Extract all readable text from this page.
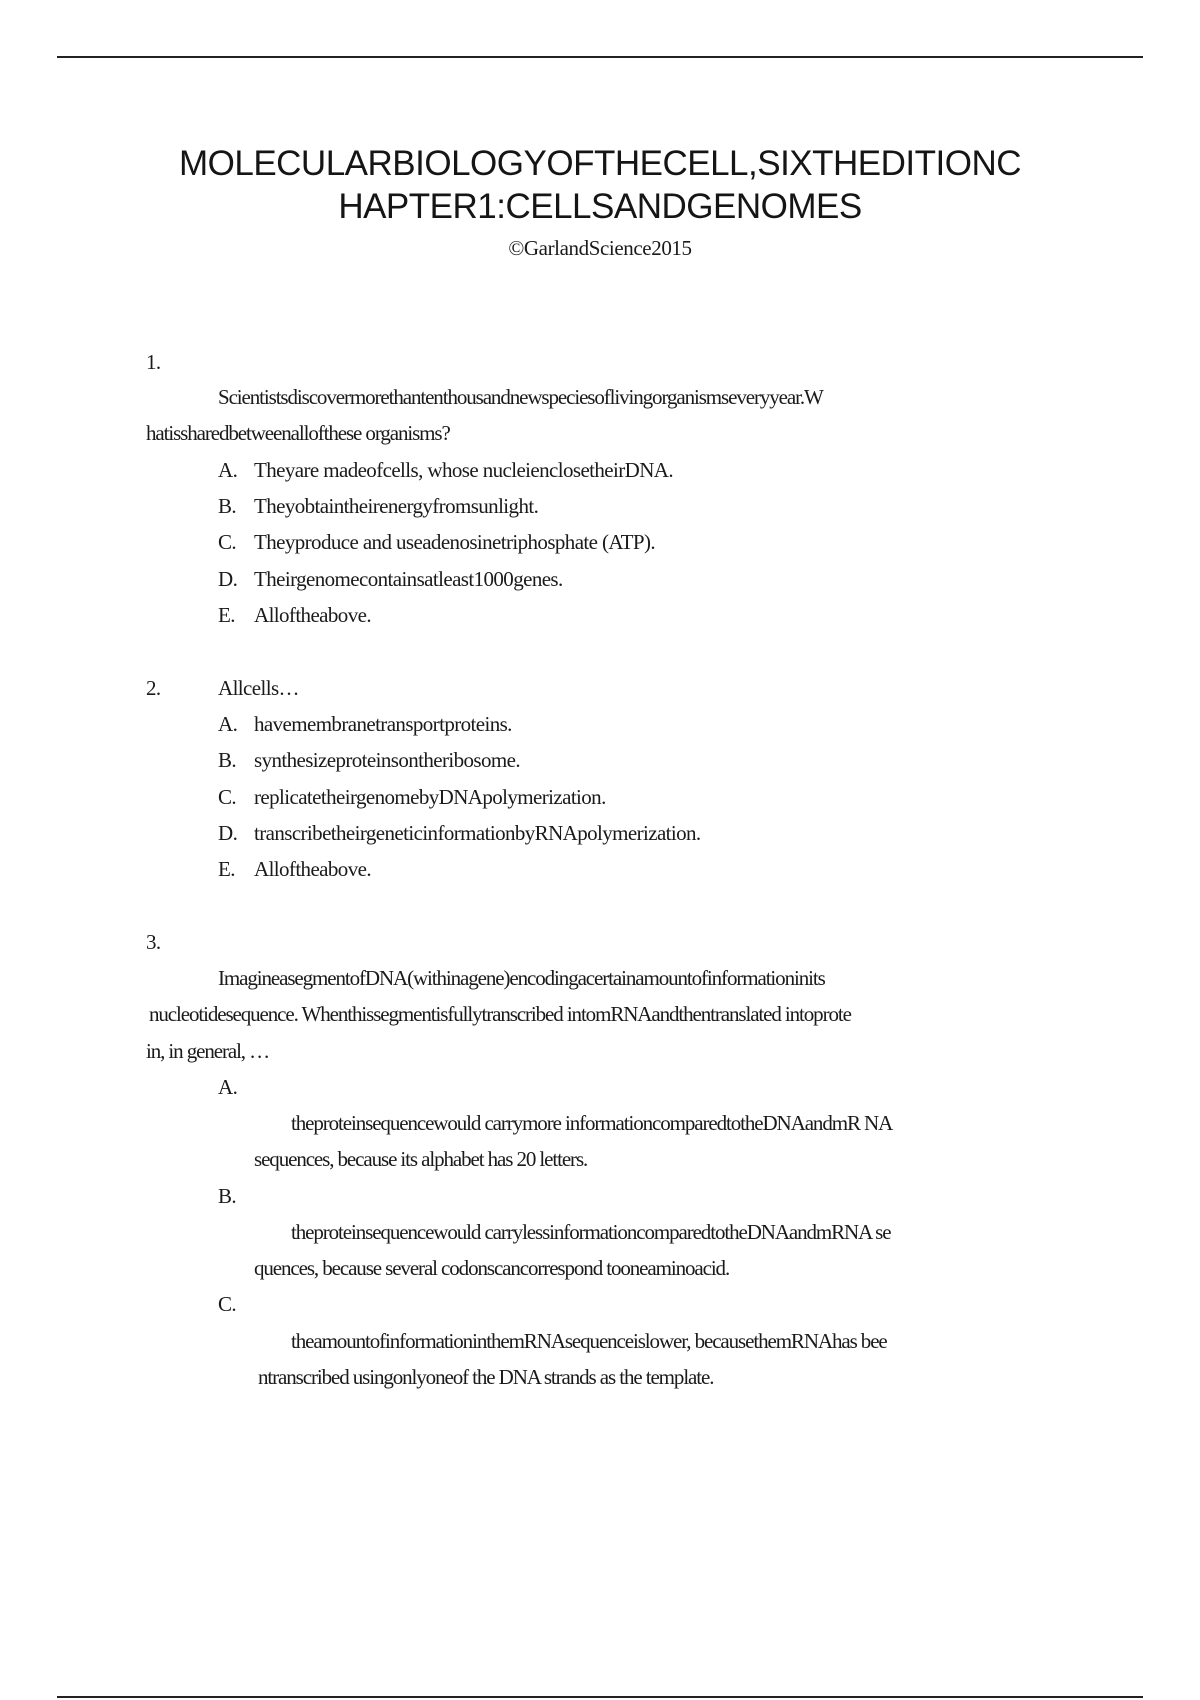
MOLECULARBIOLOGYOFTHECELL,SIXTHEDITIONC
HAPTER1:CELLSANDGENOMES
©GarlandScience2015
1.
Scientistsdiscovermorethantenthousandnewspeciesoflivingorganismseveryyear.W
hatissharedbetweenallofthese organisms?
A. Theyare madeofcells, whose nucleienclosetheirDNA.
B. Theyobtaintheirenergyfromsunlight.
C. Theyproduce and useadenosinetriphosphate (ATP).
D. Theirgenomecontainsatleast1000genes.
E. Alloftheabove.
2.	Allcells…
A. havemembranetransportproteins.
B. synthesizeproteinsontheribosome.
C. replicatetheirgenomebyDNApolymerization.
D. transcribetheirgeneticinformationbyRNApolymerization.
E. Alloftheabove.
3.
ImagineasegmentofDNA(withinagene)encodingacertainamountofinformationinits
nucleotidesequence. Whenthissegmentisfullytranscribed intomRNAandthentranslated intoprote
in, in general, …
A.
theproteinsequencewould carrymore informationcomparedtotheDNAandmR NA
sequences, because its alphabet has 20 letters.
B.
theproteinsequencewould carrylessinformationcomparedtotheDNAandmRNA se
quences, because several codonscancorrespond tooneaminoacid.
C.
theamountofinformationinthemRNAsequenceislower, becausethemRNAhas bee
ntranscribed usingonlyoneof the DNA strands as the template.
